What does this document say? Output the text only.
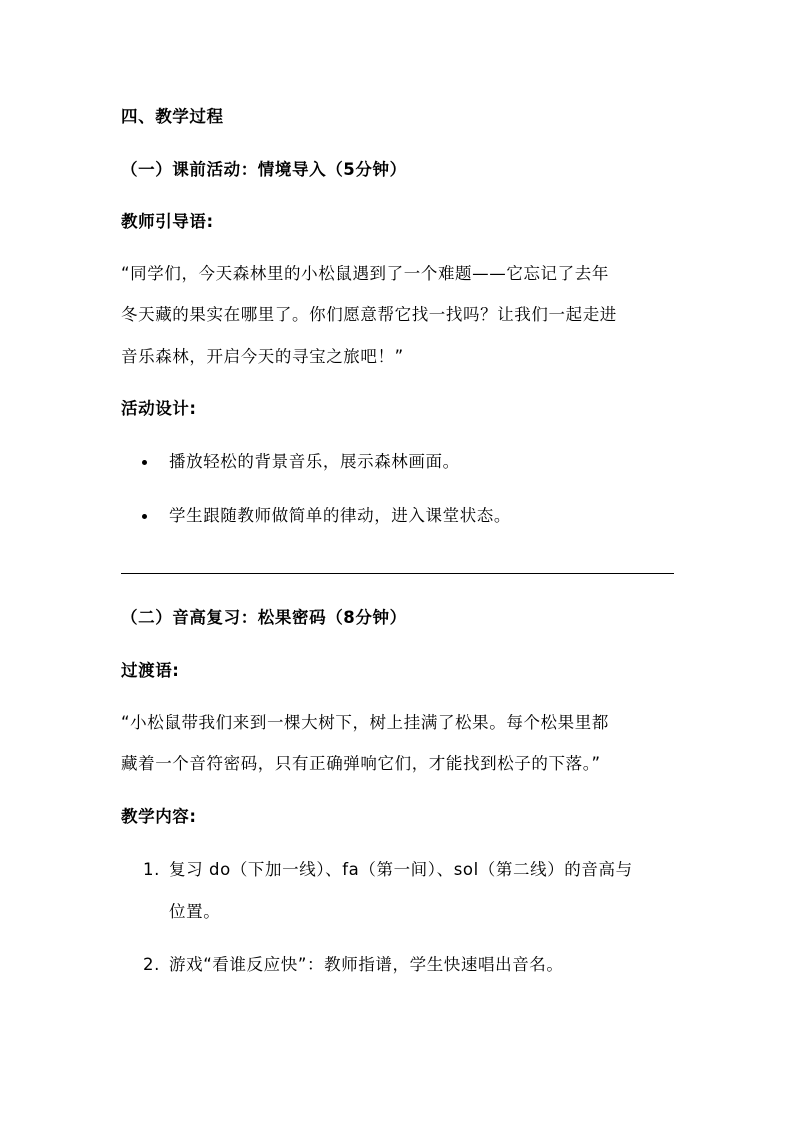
四、教学过程
（一）课前活动：情境导入（5分钟）
教师引导语:
“同学们，今天森林里的小松鼠遇到了一个难题——它忘记了去年
冬天藏的果实在哪里了。你们愿意帮它找一找吗？让我们一起走进
音乐森林，开启今天的寻宝之旅吧！”
活动设计:
播放轻松的背景音乐，展示森林画面。
学生跟随教师做简单的律动，进入课堂状态。
（二）音高复习：松果密码（8分钟）
过渡语:
“小松鼠带我们来到一棵大树下，树上挂满了松果。每个松果里都
藏着一个音符密码，只有正确弹响它们，才能找到松子的下落。”
教学内容:
1. 复习 do（下加一线）、fa（第一间）、sol（第二线）的音高与
位置。
2. 游戏“看谁反应快”：教师指谱，学生快速唱出音名。
